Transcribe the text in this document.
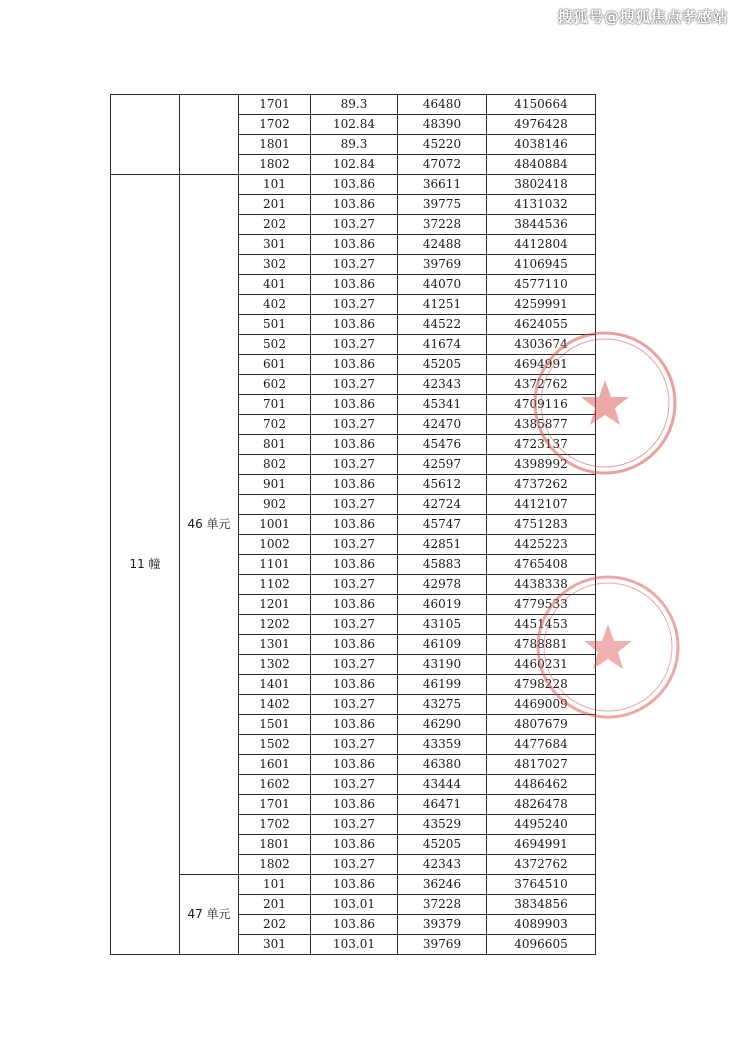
搜狐号@搜狐焦点孝感站
		1701	89.3	46480	4150664
		1702	102.84	48390	4976428
		1801	89.3	45220	4038146
		1802	102.84	47072	4840884
11 幢	46 单元	101	103.86	36611	3802418
		201	103.86	39775	4131032
		202	103.27	37228	3844536
		301	103.86	42488	4412804
		302	103.27	39769	4106945
		401	103.86	44070	4577110
		402	103.27	41251	4259991
		501	103.86	44522	4624055
		502	103.27	41674	4303674
		601	103.86	45205	4694991
		602	103.27	42343	4372762
		701	103.86	45341	4709116
		702	103.27	42470	4385877
		801	103.86	45476	4723137
		802	103.27	42597	4398992
		901	103.86	45612	4737262
		902	103.27	42724	4412107
		1001	103.86	45747	4751283
		1002	103.27	42851	4425223
		1101	103.86	45883	4765408
		1102	103.27	42978	4438338
		1201	103.86	46019	4779533
		1202	103.27	43105	4451453
		1301	103.86	46109	4788881
		1302	103.27	43190	4460231
		1401	103.86	46199	4798228
		1402	103.27	43275	4469009
		1501	103.86	46290	4807679
		1502	103.27	43359	4477684
		1601	103.86	46380	4817027
		1602	103.27	43444	4486462
		1701	103.86	46471	4826478
		1702	103.27	43529	4495240
		1801	103.86	45205	4694991
		1802	103.27	42343	4372762
	47 单元	101	103.86	36246	3764510
		201	103.01	37228	3834856
		202	103.86	39379	4089903
		301	103.01	39769	4096605
